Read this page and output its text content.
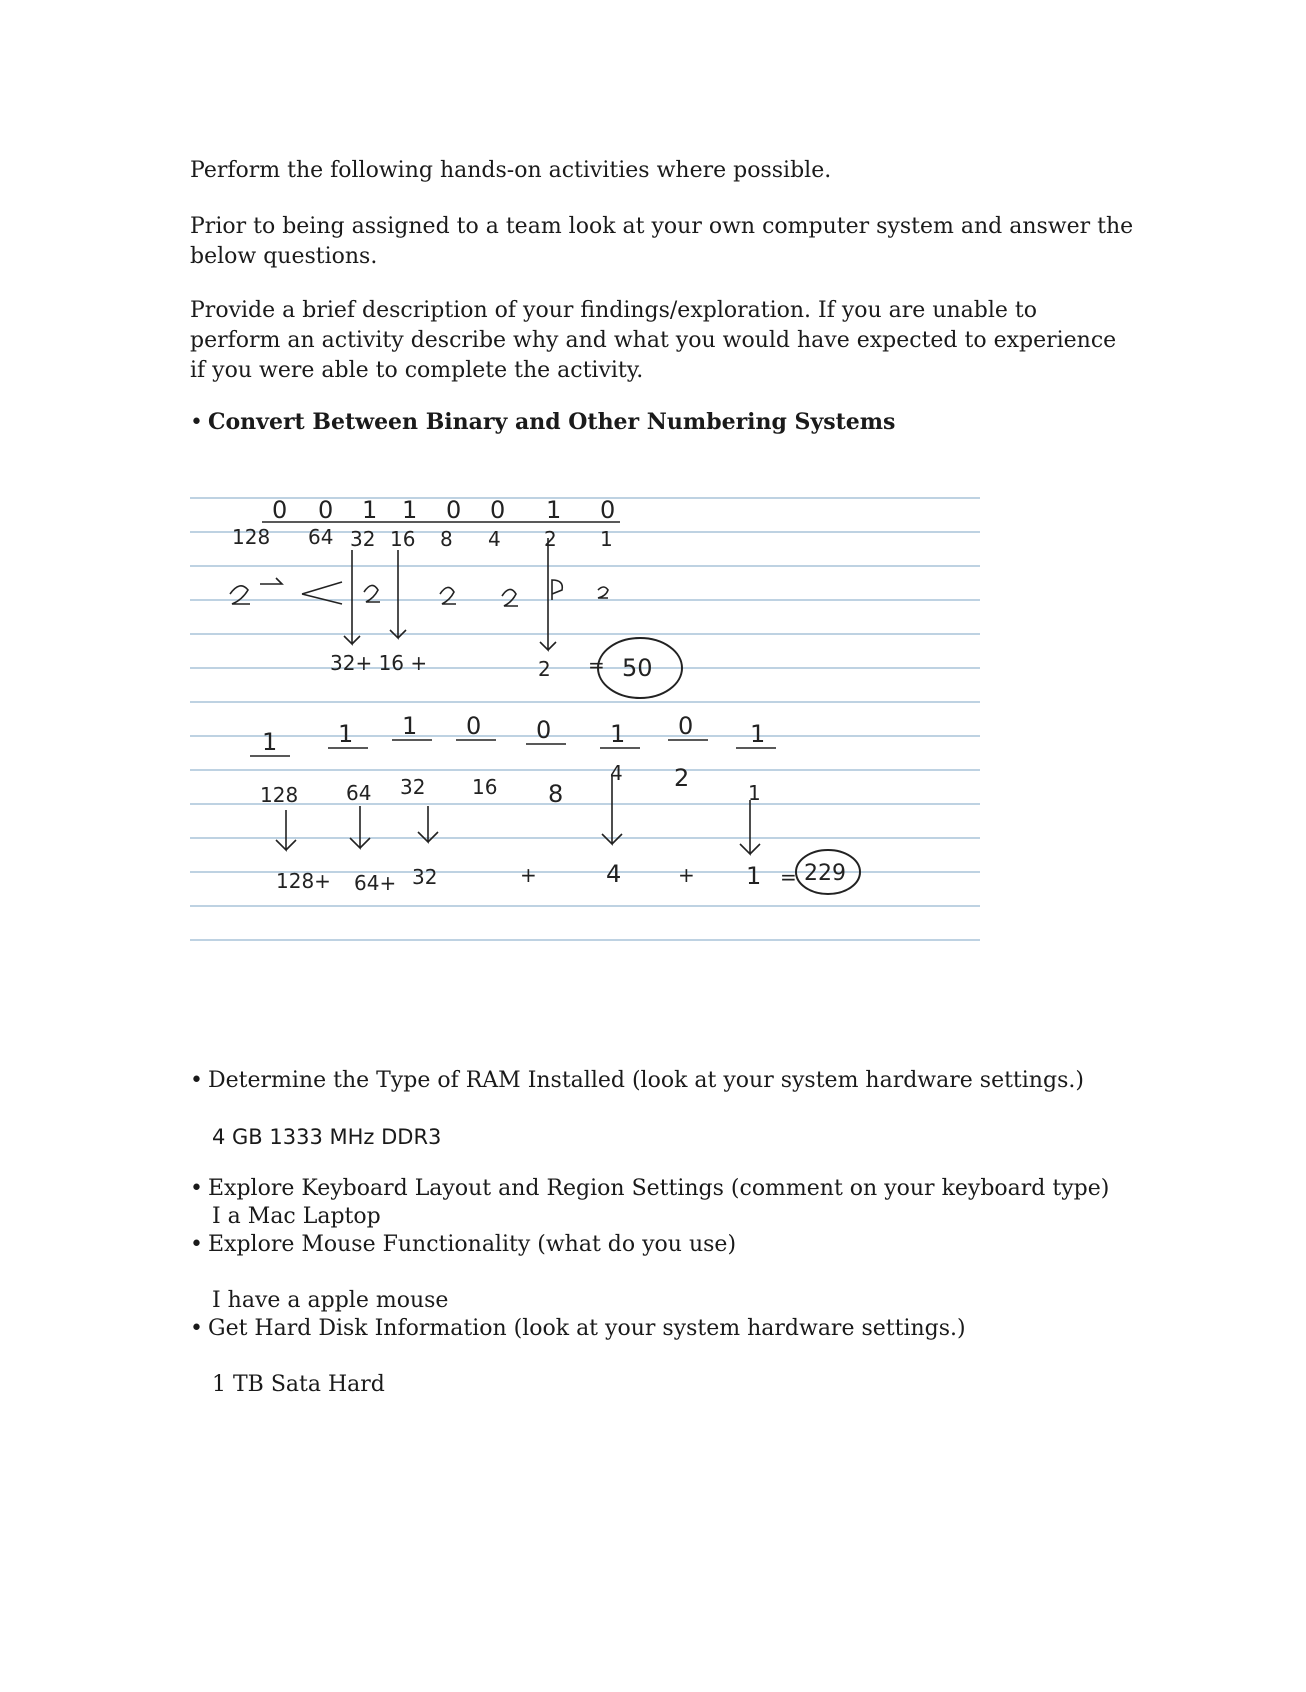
Perform the following hands-on activities where possible.

Prior to being assigned to a team look at your own computer system and answer the
below questions.

Provide a brief description of your findings/exploration. If you are unable to
perform an activity describe why and what you would have expected to experience
if you were able to complete the activity.

• Convert Between Binary and Other Numbering Systems
0 0 1 1 0 0 1 0
128 64 32 16 8 4 2 1
32+ 16 +	2 = 50
1	1 1 0 0 1 0 1
128 64 32 16 8
4 2
1
128+ 64+ 32	+	4	+ 1 = 229
• Determine the Type of RAM Installed (look at your system hardware settings.)
4 GB 1333 MHz DDR3
• Explore Keyboard Layout and Region Settings (comment on your keyboard type)
I a Mac Laptop
• Explore Mouse Functionality (what do you use)
I have a apple mouse
• Get Hard Disk Information (look at your system hardware settings.)
1 TB Sata Hard
